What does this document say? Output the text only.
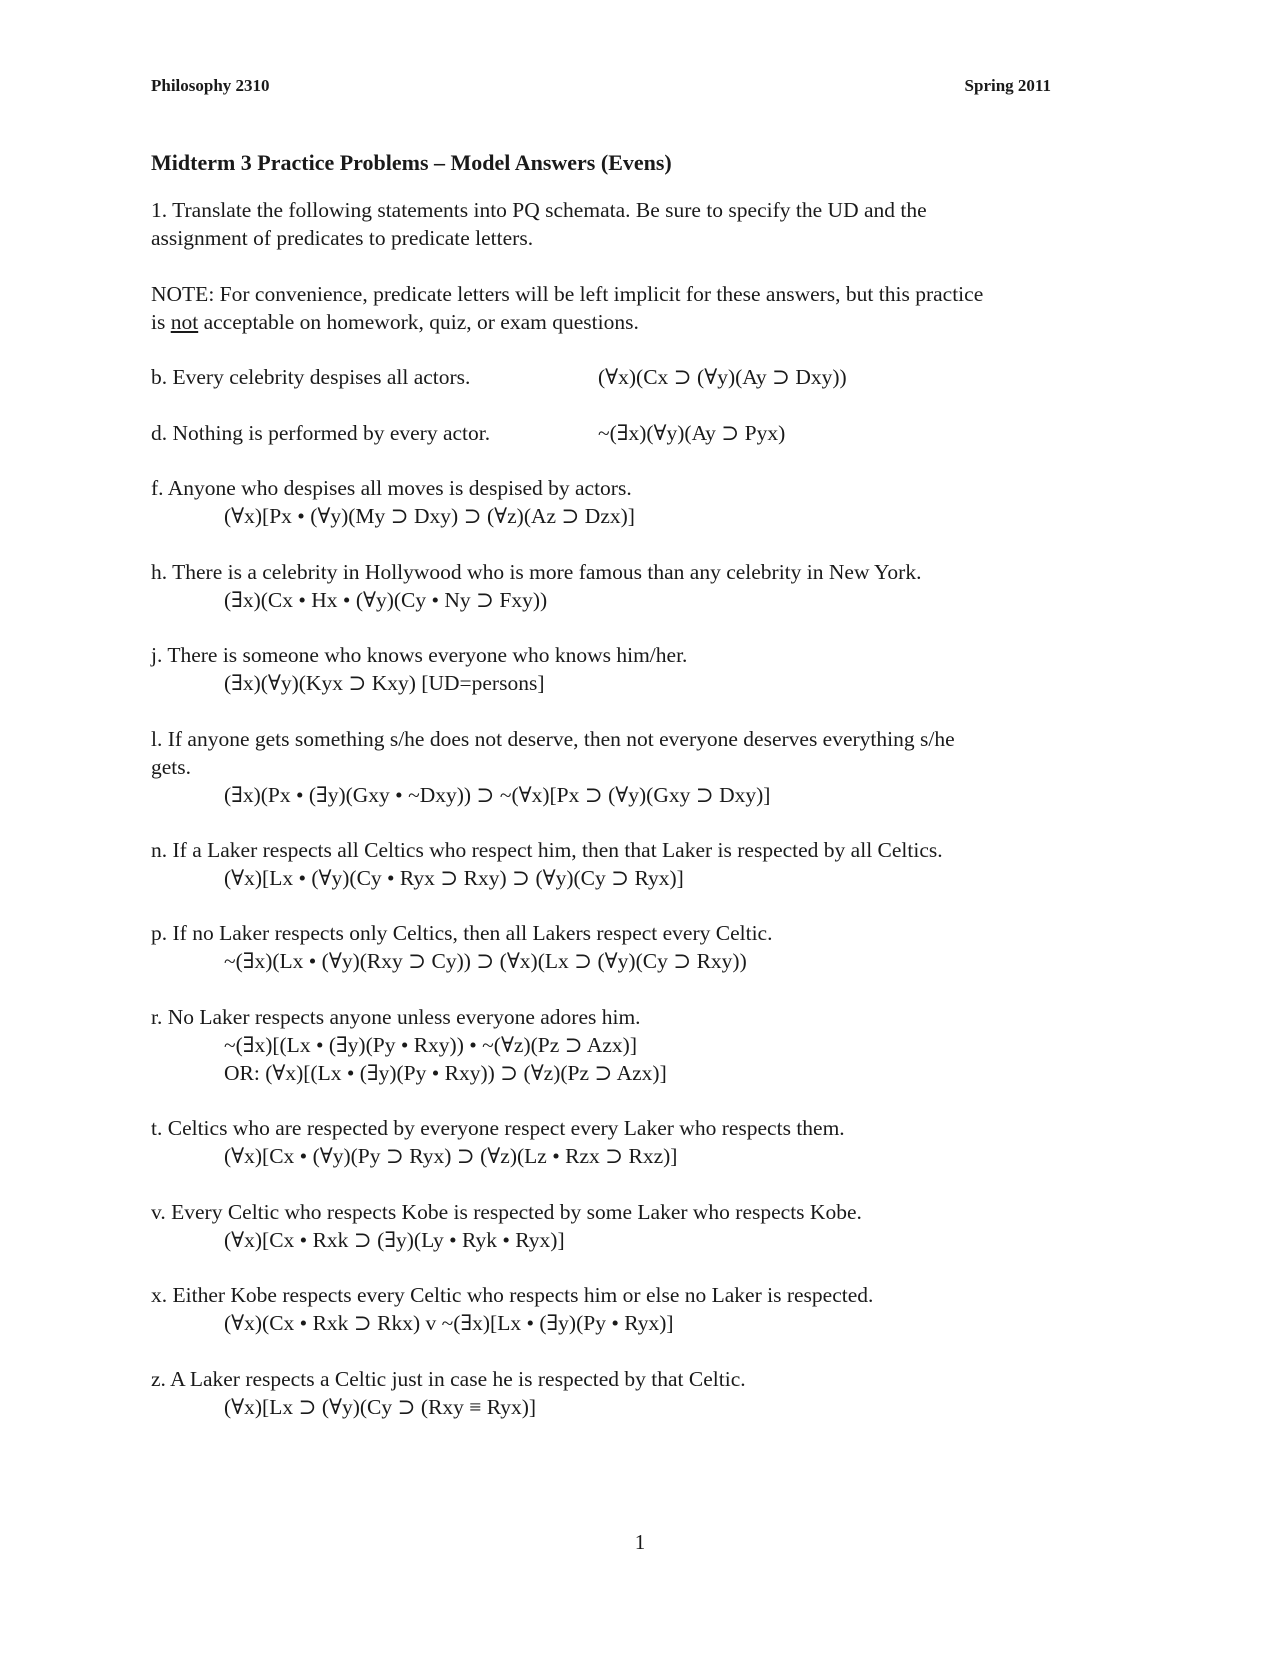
Philosophy 2310	Spring 2011
Midterm 3 Practice Problems – Model Answers (Evens)
1. Translate the following statements into PQ schemata. Be sure to specify the UD and the
assignment of predicates to predicate letters.
NOTE: For convenience, predicate letters will be left implicit for these answers, but this practice
is not acceptable on homework, quiz, or exam questions.
b. Every celebrity despises all actors.	(∀x)(Cx ⊃ (∀y)(Ay ⊃ Dxy))
d. Nothing is performed by every actor.	~(∃x)(∀y)(Ay ⊃ Pyx)
f. Anyone who despises all moves is despised by actors.
(∀x)[Px • (∀y)(My ⊃ Dxy) ⊃ (∀z)(Az ⊃ Dzx)]
h. There is a celebrity in Hollywood who is more famous than any celebrity in New York.
(∃x)(Cx • Hx • (∀y)(Cy • Ny ⊃ Fxy))
j. There is someone who knows everyone who knows him/her.
(∃x)(∀y)(Kyx ⊃ Kxy) [UD=persons]
l. If anyone gets something s/he does not deserve, then not everyone deserves everything s/he
gets.
(∃x)(Px • (∃y)(Gxy • ~Dxy)) ⊃ ~(∀x)[Px ⊃ (∀y)(Gxy ⊃ Dxy)]
n. If a Laker respects all Celtics who respect him, then that Laker is respected by all Celtics.
(∀x)[Lx • (∀y)(Cy • Ryx ⊃ Rxy) ⊃ (∀y)(Cy ⊃ Ryx)]
p. If no Laker respects only Celtics, then all Lakers respect every Celtic.
~(∃x)(Lx • (∀y)(Rxy ⊃ Cy)) ⊃ (∀x)(Lx ⊃ (∀y)(Cy ⊃ Rxy))
r. No Laker respects anyone unless everyone adores him.
~(∃x)[(Lx • (∃y)(Py • Rxy)) • ~(∀z)(Pz ⊃ Azx)]
OR: (∀x)[(Lx • (∃y)(Py • Rxy)) ⊃ (∀z)(Pz ⊃ Azx)]
t. Celtics who are respected by everyone respect every Laker who respects them.
(∀x)[Cx • (∀y)(Py ⊃ Ryx) ⊃ (∀z)(Lz • Rzx ⊃ Rxz)]
v. Every Celtic who respects Kobe is respected by some Laker who respects Kobe.
(∀x)[Cx • Rxk ⊃ (∃y)(Ly • Ryk • Ryx)]
x. Either Kobe respects every Celtic who respects him or else no Laker is respected.
(∀x)(Cx • Rxk ⊃ Rkx) v ~(∃x)[Lx • (∃y)(Py • Ryx)]
z. A Laker respects a Celtic just in case he is respected by that Celtic.
(∀x)[Lx ⊃ (∀y)(Cy ⊃ (Rxy ≡ Ryx)]
1
